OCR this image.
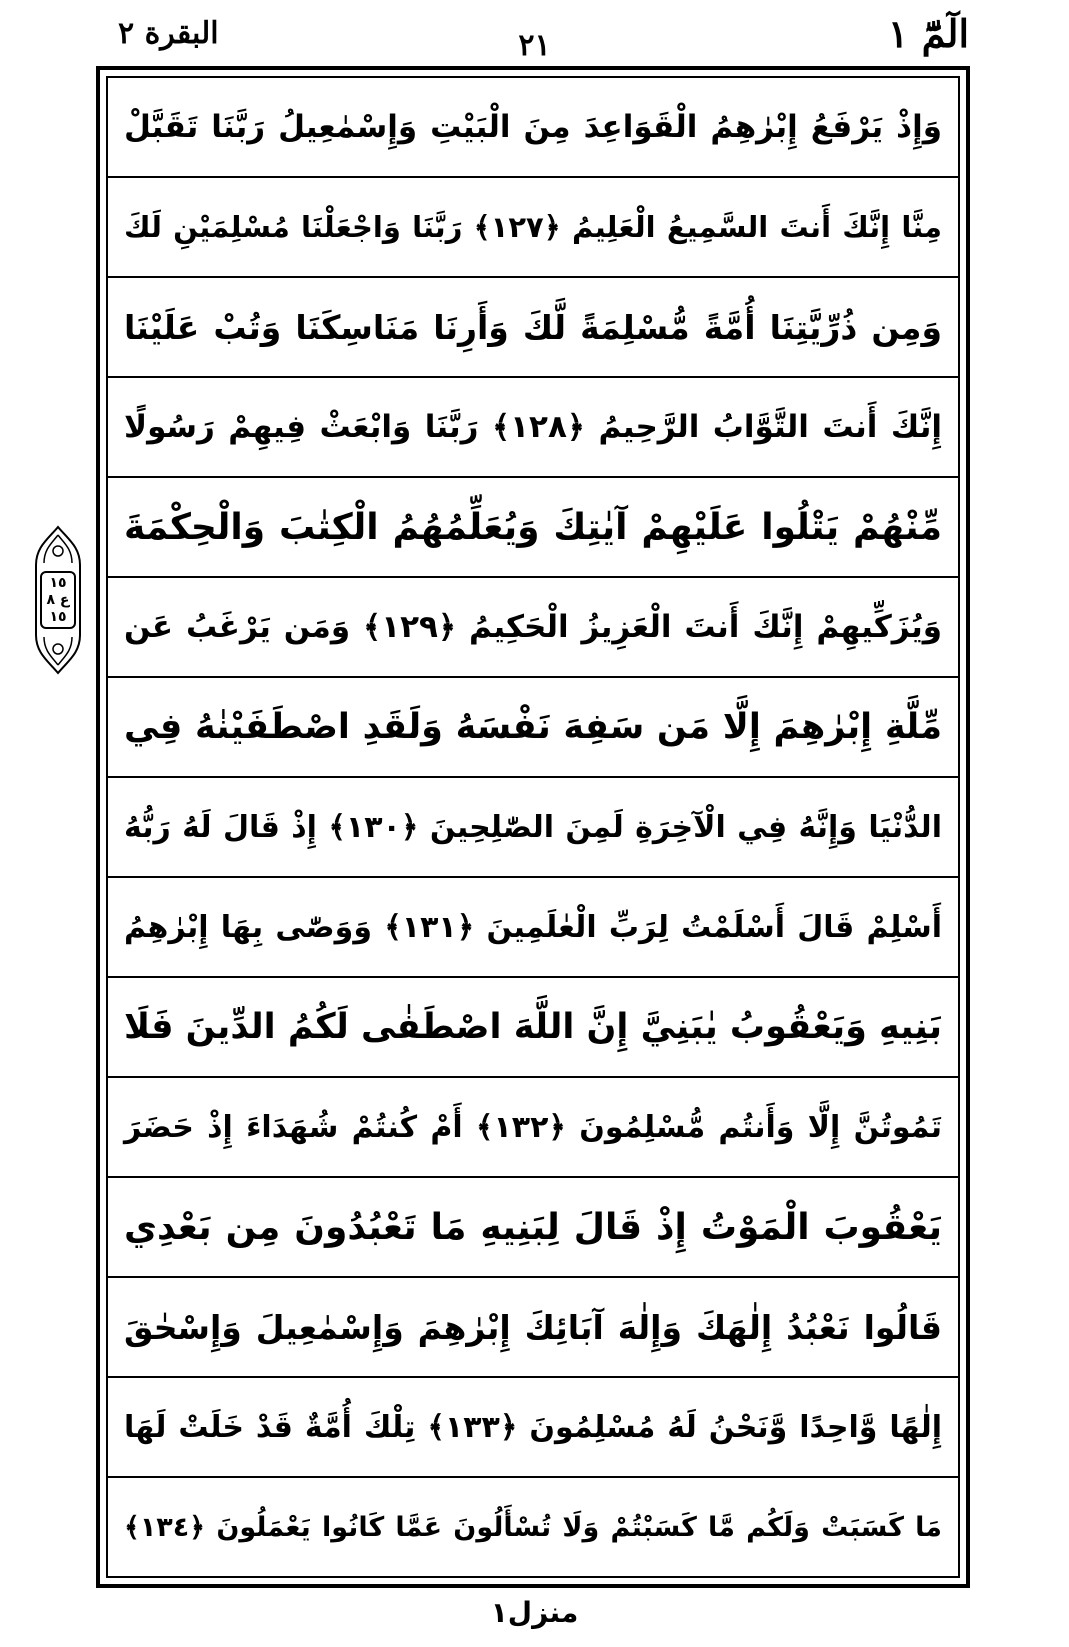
البقرة ٢	٢١	الٓمّٓ ١
١٥
ع ٨
١٥
وَإِذْ يَرْفَعُ إِبْرٰهِمُ الْقَوَاعِدَ مِنَ الْبَيْتِ وَإِسْمٰعِيلُ رَبَّنَا تَقَبَّلْ
مِنَّا إِنَّكَ أَنتَ السَّمِيعُ الْعَلِيمُ ﴿١٢٧﴾ رَبَّنَا وَاجْعَلْنَا مُسْلِمَيْنِ لَكَ
وَمِن ذُرِّيَّتِنَا أُمَّةً مُّسْلِمَةً لَّكَ وَأَرِنَا مَنَاسِكَنَا وَتُبْ عَلَيْنَا
إِنَّكَ أَنتَ التَّوَّابُ الرَّحِيمُ ﴿١٢٨﴾ رَبَّنَا وَابْعَثْ فِيهِمْ رَسُولًا
مِّنْهُمْ يَتْلُوا عَلَيْهِمْ آيٰتِكَ وَيُعَلِّمُهُمُ الْكِتٰبَ وَالْحِكْمَةَ
وَيُزَكِّيهِمْ إِنَّكَ أَنتَ الْعَزِيزُ الْحَكِيمُ ﴿١٢٩﴾ وَمَن يَرْغَبُ عَن
مِّلَّةِ إِبْرٰهِمَ إِلَّا مَن سَفِهَ نَفْسَهُ وَلَقَدِ اصْطَفَيْنٰهُ فِي
الدُّنْيَا وَإِنَّهُ فِي الْآخِرَةِ لَمِنَ الصّٰلِحِينَ ﴿١٣٠﴾ إِذْ قَالَ لَهُ رَبُّهُ
أَسْلِمْ قَالَ أَسْلَمْتُ لِرَبِّ الْعٰلَمِينَ ﴿١٣١﴾ وَوَصّٰى بِهَا إِبْرٰهِمُ
بَنِيهِ وَيَعْقُوبُ يٰبَنِيَّ إِنَّ اللَّهَ اصْطَفٰى لَكُمُ الدِّينَ فَلَا
تَمُوتُنَّ إِلَّا وَأَنتُم مُّسْلِمُونَ ﴿١٣٢﴾ أَمْ كُنتُمْ شُهَدَاءَ إِذْ حَضَرَ
يَعْقُوبَ الْمَوْتُ إِذْ قَالَ لِبَنِيهِ مَا تَعْبُدُونَ مِن بَعْدِي
قَالُوا نَعْبُدُ إِلٰهَكَ وَإِلٰهَ آبَائِكَ إِبْرٰهِمَ وَإِسْمٰعِيلَ وَإِسْحٰقَ
إِلٰهًا وَّاحِدًا وَّنَحْنُ لَهُ مُسْلِمُونَ ﴿١٣٣﴾ تِلْكَ أُمَّةٌ قَدْ خَلَتْ لَهَا
مَا كَسَبَتْ وَلَكُم مَّا كَسَبْتُمْ وَلَا تُسْأَلُونَ عَمَّا كَانُوا يَعْمَلُونَ ﴿١٣٤﴾
منزل١
